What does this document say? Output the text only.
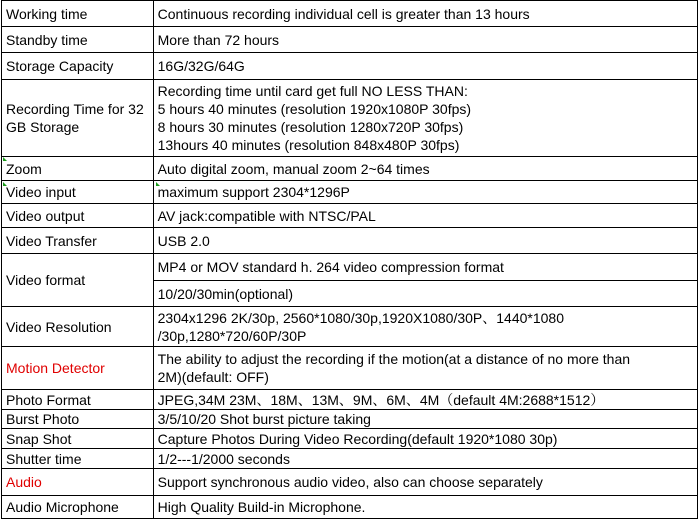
Working time	Continuous recording individual cell is greater than 13 hours

Standby time	More than 72 hours

Storage Capacity	16G/32G/64G

Recording Time for 32
GB Storage	Recording time until card get full NO LESS THAN:
5 hours 40 minutes (resolution 1920x1080P 30fps)
8 hours 30 minutes (resolution 1280x720P 30fps)
13hours 40 minutes (resolution 848x480P 30fps)

Zoom	Auto digital zoom, manual zoom 2~64 times

Video input	maximum support 2304*1296P

Video output	AV jack:compatible with NTSC/PAL

Video Transfer	USB 2.0

Video format	MP4 or MOV standard h. 264 video compression format

	10/20/30min(optional)

Video Resolution	2304x1296 2K/30p, 2560*1080/30p,1920X1080/30P、1440*1080
/30p,1280*720/60P/30P

Motion Detector	The ability to adjust the recording if the motion(at a distance of no more than
2M)(default: OFF)

Photo Format	JPEG,34M 23M、18M、13M、9M、6M、4M（default 4M:2688*1512）

Burst Photo	3/5/10/20 Shot burst picture taking

Snap Shot	Capture Photos During Video Recording(default 1920*1080 30p)

Shutter time	1/2---1/2000 seconds

Audio	Support synchronous audio video, also can choose separately

Audio Microphone	High Quality Build-in Microphone.
